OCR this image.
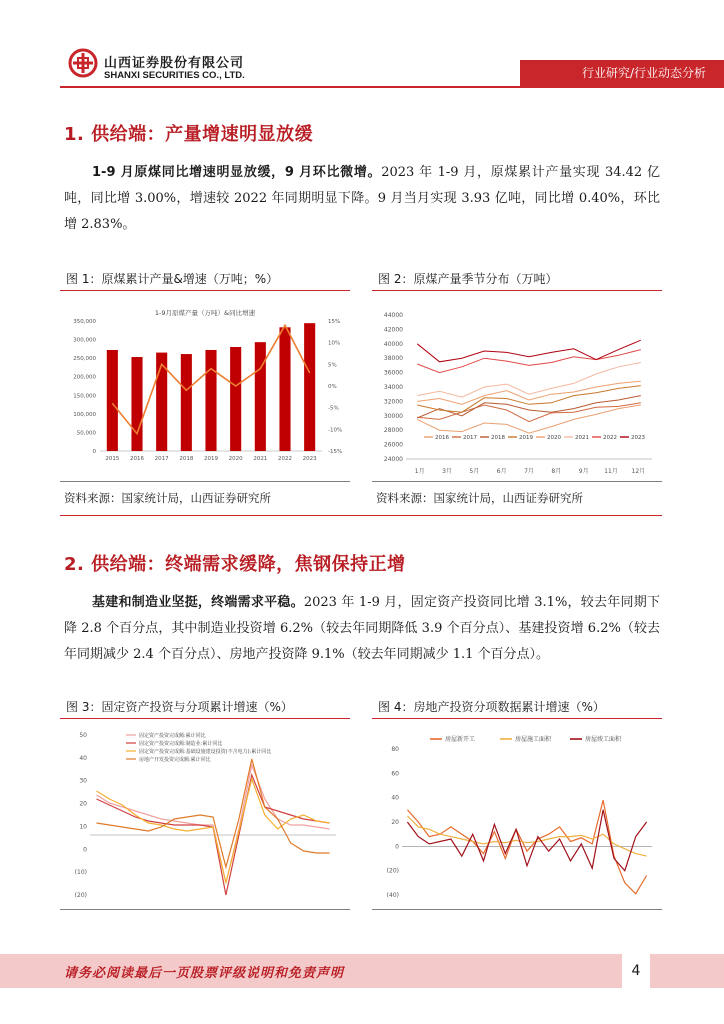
山西证券股份有限公司
SHANXI SECURITIES CO., LTD.	行业研究/行业动态分析
1. 供给端：产量增速明显放缓
1-9 月原煤同比增速明显放缓，9 月环比微增。2023 年 1-9 月，原煤累计产量实现 34.42 亿吨，同比增 3.00%，增速较 2022 年同期明显下降。9 月当月实现 3.93 亿吨，同比增 0.40%，环比增 2.83%。
图 1：原煤累计产量&增速（万吨；%）
1-9月原煤产量（万吨）&同比增速
0
50,000
100,000
150,000
200,000
250,000
300,000
350,000
-15%
-10%
-5%
0%
5%
10%
15%
2015 2016 2017 2018 2019 2020 2021 2022 2023
图 2：原煤产量季节分布（万吨）
24000
26000
28000
30000
32000
34000
36000
38000
40000
42000
44000
1月	3月	5月	6月	7月	8月	9月	11月 12月
2016	2017	2018	2019	2020	2021	2022	2023
资料来源：国家统计局，山西证券研究所	资料来源：国家统计局，山西证券研究所
2. 供给端：终端需求缓降，焦钢保持正增
基建和制造业坚挺，终端需求平稳。2023 年 1-9 月，固定资产投资同比增 3.1%，较去年同期下降 2.8 个百分点，其中制造业投资增 6.2%（较去年同期降低 3.9 个百分点）、基建投资增 6.2%（较去年同期减少 2.4 个百分点）、房地产投资降 9.1%（较去年同期减少 1.1 个百分点）。
图 3：固定资产投资与分项累计增速（%）
(20)
(10)
0
10
20
30
40
50	固定资产投资完成额:累计同比
固定资产投资完成额:制造业:累计同比
固定资产投资完成额:基础设施建设投资(不含电力):累计同比
房地产开发投资完成额:累计同比
图 4：房地产投资分项数据累计增速（%）
(40)
(20)
0
20
40
60
80
房屋新开工	房屋施工面积	房屋竣工面积
请务必阅读最后一页股票评级说明和免责声明	4
